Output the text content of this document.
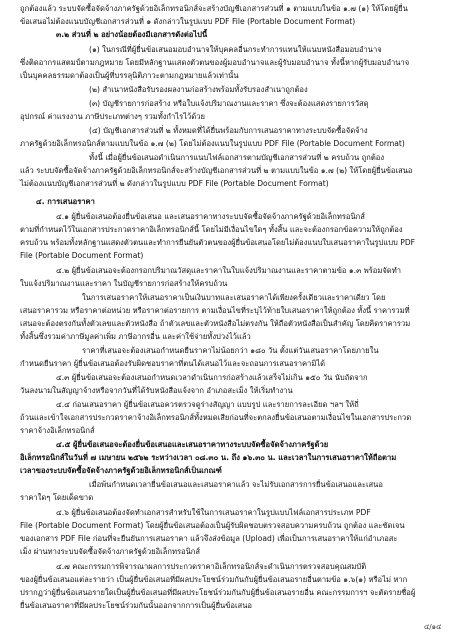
ถูกต้องแล้ว ระบบจัดซื้อจัดจ้างภาครัฐด้วยอิเล็กทรอนิกส์จะสร้างบัญชีเอกสารส่วนที่ ๑ ตามแบบในข้อ ๑.๗ (๑) ให้โดยผู้ยื่น
ข้อเสนอไม่ต้องแนบบัญชีเอกสารส่วนที่ ๑ ดังกล่าวในรูปแบบ PDF File (Portable Document Format)
๓.๒ ส่วนที่ ๒ อย่างน้อยต้องมีเอกสารดังต่อไปนี้
(๑) ในกรณีที่ผู้ยื่นข้อเสนอมอบอำนาจให้บุคคลอื่นกระทำการแทนให้แนบหนังสือมอบอำนาจ
ซึ่งติดอากรแสตมป์ตามกฎหมาย โดยมีหลักฐานแสดงตัวตนของผู้มอบอำนาจและผู้รับมอบอำนาจ ทั้งนี้หากผู้รับมอบอำนาจ
เป็นบุคคลธรรมดาต้องเป็นผู้ที่บรรลุนิติภาวะตามกฎหมายแล้วเท่านั้น
(๒) สำเนาหนังสือรับรองผลงานก่อสร้างพร้อมทั้งรับรองสำเนาถูกต้อง
(๓) บัญชีรายการก่อสร้าง หรือใบแจ้งปริมาณงานและราคา ซึ่งจะต้องแสดงรายการวัสดุ
อุปกรณ์ ค่าแรงงาน ภาษีประเภทต่างๆ รวมทั้งกำไรไว้ด้วย
(๔) บัญชีเอกสารส่วนที่ ๒ ทั้งหมดที่ได้ยื่นพร้อมกับการเสนอราคาทางระบบจัดซื้อจัดจ้าง
ภาครัฐด้วยอิเล็กทรอนิกส์ตามแบบในข้อ ๑.๗ (๒) โดยไม่ต้องแนบในรูปแบบ PDF File (Portable Document Format)
ทั้งนี้ เมื่อผู้ยื่นข้อเสนอดำเนินการแนบไฟล์เอกสารตามบัญชีเอกสารส่วนที่ ๒ ครบถ้วน ถูกต้อง
แล้ว ระบบจัดซื้อจัดจ้างภาครัฐด้วยอิเล็กทรอนิกส์จะสร้างบัญชีเอกสารส่วนที่ ๒ ตามแบบในข้อ ๑.๗ (๒) ให้โดยผู้ยื่นข้อเสนอ
ไม่ต้องแนบบัญชีเอกสารส่วนที่ ๒ ดังกล่าวในรูปแบบ PDF File (Portable Document Format)
๔. การเสนอราคา
๔.๑ ผู้ยื่นข้อเสนอต้องยื่นข้อเสนอ และเสนอราคาทางระบบจัดซื้อจัดจ้างภาครัฐด้วยอิเล็กทรอนิกส์
ตามที่กำหนดไว้ในเอกสารประกวดราคาอิเล็กทรอนิกส์นี้ โดยไม่มีเงื่อนไขใดๆ ทั้งสิ้น และจะต้องกรอกข้อความให้ถูกต้อง
ครบถ้วน พร้อมทั้งหลักฐานแสดงตัวตนและทำการยืนยันตัวตนของผู้ยื่นข้อเสนอโดยไม่ต้องแนบใบเสนอราคาในรูปแบบ PDF
File (Portable Document Format)
๔.๒ ผู้ยื่นข้อเสนอจะต้องกรอกปริมาณวัสดุและราคาในใบแจ้งปริมาณงานและราคาตามข้อ ๑.๓ พร้อมจัดทำ
ใบแจ้งปริมาณงานและราคา ในบัญชีรายการก่อสร้างให้ครบถ้วน
ในการเสนอราคาให้เสนอราคาเป็นเงินบาทและเสนอราคาได้เพียงครั้งเดียวและราคาเดียว โดย
เสนอราคารวม หรือราคาต่อหน่วย หรือราคาต่อรายการ ตามเงื่อนไขที่ระบุไว้ท้ายใบเสนอราคาให้ถูกต้อง ทั้งนี้ ราคารวมที่
เสนอจะต้องตรงกันทั้งตัวเลขและตัวหนังสือ ถ้าตัวเลขและตัวหนังสือไม่ตรงกัน ให้ถือตัวหนังสือเป็นสำคัญ โดยคิดราคารวม
ทั้งสิ้นซึ่งรวมค่าภาษีมูลค่าเพิ่ม ภาษีอากรอื่น และค่าใช้จ่ายทั้งปวงไว้แล้ว
ราคาที่เสนอจะต้องเสนอกำหนดยืนราคาไม่น้อยกว่า ๑๘๐ วัน ตั้งแต่วันเสนอราคาโดยภายใน
กำหนดยืนราคา ผู้ยื่นข้อเสนอต้องรับผิดชอบราคาที่ตนได้เสนอไว้และจะถอนการเสนอราคามิได้
๔.๓ ผู้ยื่นข้อเสนอจะต้องเสนอกำหนดเวลาดำเนินการก่อสร้างแล้วเสร็จไม่เกิน ๑๕๐ วัน นับถัดจาก
วันลงนามในสัญญาจ้างหรือจากวันที่ได้รับหนังสือแจ้งจาก อำเภอสะเม็ง ให้เริ่มทำงาน
๔.๔ ก่อนเสนอราคา ผู้ยื่นข้อเสนอควรตรวจดูร่างสัญญา แบบรูป และรายการละเอียด ฯลฯ ให้ถี่
ถ้วนและเข้าใจเอกสารประกวดราคาจ้างอิเล็กทรอนิกส์ทั้งหมดเสียก่อนที่จะตกลงยื่นข้อเสนอตามเงื่อนไขในเอกสารประกวด
ราคาจ้างอิเล็กทรอนิกส์
๔.๕ ผู้ยื่นข้อเสนอจะต้องยื่นข้อเสนอและเสนอราคาทางระบบจัดซื้อจัดจ้างภาครัฐด้วย
อิเล็กทรอนิกส์ในวันที่ ๗ เมษายน ๒๕๖๒ ระหว่างเวลา ๐๘.๓๐ น. ถึง ๑๖.๓๐ น. และเวลาในการเสนอราคาให้ถือตาม
เวลาของระบบจัดซื้อจัดจ้างภาครัฐด้วยอิเล็กทรอนิกส์เป็นเกณฑ์
เมื่อพ้นกำหนดเวลายื่นข้อเสนอและเสนอราคาแล้ว จะไม่รับเอกสารการยื่นข้อเสนอและเสนอ
ราคาใดๆ โดยเด็ดขาด
๔.๖ ผู้ยื่นข้อเสนอต้องจัดทำเอกสารสำหรับใช้ในการเสนอราคาในรูปแบบไฟล์เอกสารประเภท PDF
File (Portable Document Format) โดยผู้ยื่นข้อเสนอต้องเป็นผู้รับผิดชอบตรวจสอบความครบถ้วน ถูกต้อง และชัดเจน
ของเอกสาร PDF File ก่อนที่จะยืนยันการเสนอราคา แล้วจึงส่งข้อมูล (Upload) เพื่อเป็นการเสนอราคาให้แก่อำเภอสะ
เม็ง ผ่านทางระบบจัดซื้อจัดจ้างภาครัฐด้วยอิเล็กทรอนิกส์
๔.๗ คณะกรรมการพิจารณาผลการประกวดราคาอิเล็กทรอนิกส์จะดำเนินการตรวจสอบคุณสมบัติ
ของผู้ยื่นข้อเสนอแต่ละรายว่า เป็นผู้ยื่นข้อเสนอที่มีผลประโยชน์ร่วมกันกับผู้ยื่นข้อเสนอรายอื่นตามข้อ ๑.๖(๑) หรือไม่ หาก
ปรากฏว่าผู้ยื่นข้อเสนอรายใดเป็นผู้ยื่นข้อเสนอที่มีผลประโยชน์ร่วมกันกับผู้ยื่นข้อเสนอรายอื่น คณะกรรมการฯ จะตัดรายชื่อผู้
ยื่นข้อเสนอราคาที่มีผลประโยชน์ร่วมกันนั้นออกจากการเป็นผู้ยื่นข้อเสนอ
๔/๑๔
